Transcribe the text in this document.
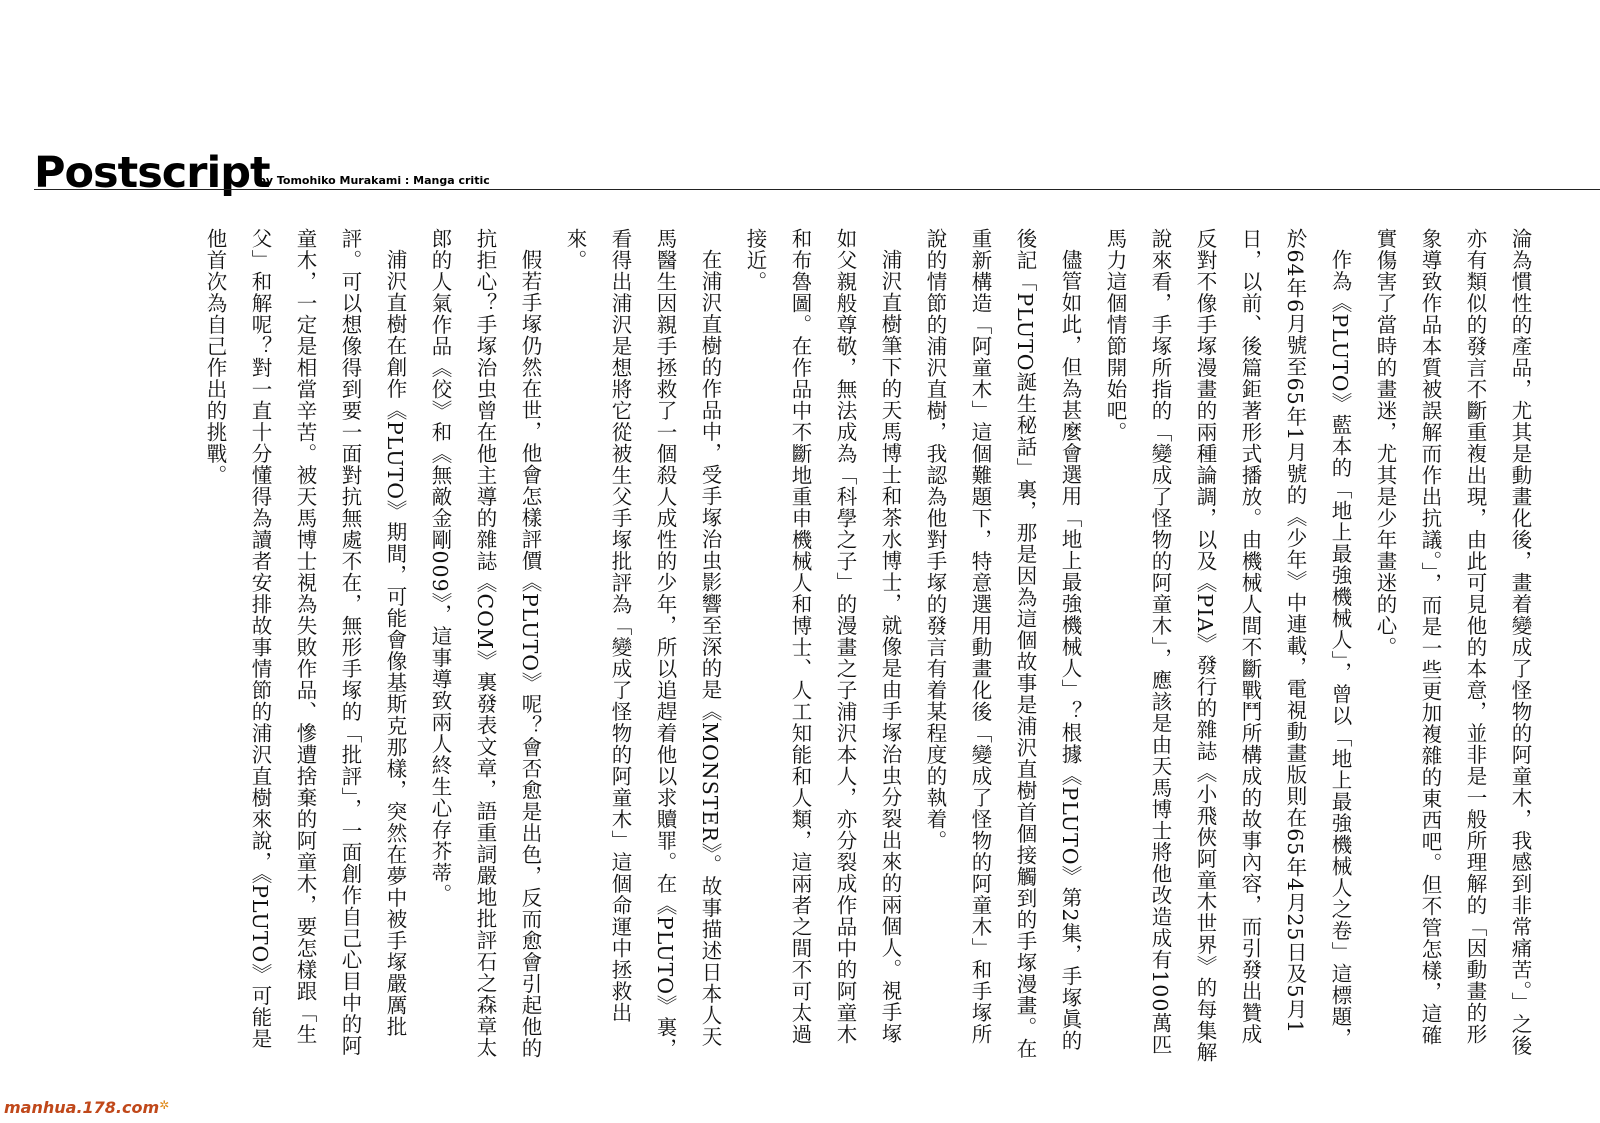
Postscript
by Tomohiko Murakami : Manga critic
淪為慣性的產品，尤其是動畫化後，畫着變成了怪物的阿童木，我感到非常痛苦。」之後亦有類似的發言不斷重複出現，由此可見他的本意，並非是一般所理解的「因動畫的形象導致作品本質被誤解而作出抗議。」，而是一些更加複雜的東西吧。但不管怎樣，這確實傷害了當時的畫迷，尤其是少年畫迷的心。
作為《PLUTO》藍本的「地上最強機械人」，曾以「地上最強機械人之卷」這標題，於64年6月號至65年1月號的《少年》中連載，電視動畫版則在65年4月25日及5月1日，以前、後篇鉅著形式播放。由機械人間不斷戰鬥所構成的故事內容，而引發出贊成反對不像手塚漫畫的兩種論調，以及《PIA》發行的雜誌《小飛俠阿童木世界》的每集解說來看，手塚所指的「變成了怪物的阿童木」，應該是由天馬博士將他改造成有100萬匹馬力這個情節開始吧。
儘管如此，但為甚麼會選用「地上最強機械人」？根據《PLUTO》第2集，手塚眞的後記「PLUTO誕生秘話」裏，那是因為這個故事是浦沢直樹首個接觸到的手塚漫畫。在重新構造「阿童木」這個難題下，特意選用動畫化後「變成了怪物的阿童木」和手塚所說的情節的浦沢直樹，我認為他對手塚的發言有着某程度的執着。
浦沢直樹筆下的天馬博士和茶水博士，就像是由手塚治虫分裂出來的兩個人。視手塚如父親般尊敬，無法成為「科學之子」的漫畫之子浦沢本人，亦分裂成作品中的阿童木和布魯圖。在作品中不斷地重申機械人和博士、人工知能和人類，這兩者之間不可太過接近。
在浦沢直樹的作品中，受手塚治虫影響至深的是《MONSTER》。故事描述日本人天馬醫生因親手拯救了一個殺人成性的少年，所以追趕着他以求贖罪。在《PLUTO》裏，看得出浦沢是想將它從被生父手塚批評為「變成了怪物的阿童木」這個命運中拯救出來。
假若手塚仍然在世，他會怎樣評價《PLUTO》呢？會否愈是出色，反而愈會引起他的抗拒心？手塚治虫曾在他主導的雜誌《COM》裏發表文章，語重詞嚴地批評石之森章太郎的人氣作品《佼》和《無敵金剛009》，這事導致兩人終生心存芥蒂。
浦沢直樹在創作《PLUTO》期間，可能會像基斯克那樣，突然在夢中被手塚嚴厲批評。可以想像得到要一面對抗無處不在，無形手塚的「批評」，一面創作自己心目中的阿童木，一定是相當辛苦。被天馬博士視為失敗作品、慘遭捨棄的阿童木，要怎樣跟「生父」和解呢？對一直十分懂得為讀者安排故事情節的浦沢直樹來說，《PLUTO》可能是他首次為自己作出的挑戰。
manhua.178.com✲
